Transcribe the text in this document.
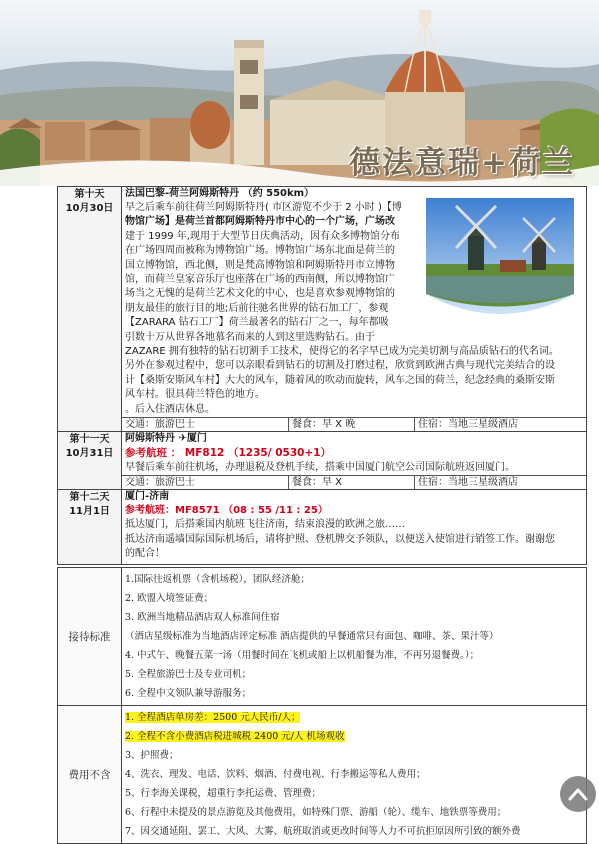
德法意瑞+荷兰
第十天
10月30日
法国巴黎-荷兰阿姆斯特丹 （约 550km）

早之后乘车前往荷兰阿姆斯特丹( 市区游览不少于 2 小时 )【博

物馆广场】是荷兰首都阿姆斯特丹市中心的一个广场，广场改

建于 1999 年,现用于大型节日庆典活动，因有众多博物馆分布

在广场四周而被称为博物馆广场。博物馆广场东北面是荷兰的

国立博物馆，西北侧，则是梵高博物馆和阿姆斯特丹市立博物

馆，而荷兰皇家音乐厅也座落在广场的西南侧，所以博物馆广

场当之无愧的是荷兰艺术文化的中心，也是喜欢参观博物馆的

朋友最佳的旅行目的地;后前往驰名世界的钻石加工厂，参观

【ZARARA 钻石工厂】荷兰最著名的钻石厂之一，每年都吸

引数十万从世界各地慕名而来的人到这里选购钻石。由于

ZAZARE 拥有独特的钻石切割手工技术，使得它的名字早已成为完美切割与高品质钻石的代名词。

另外在参观过程中，您可以亲眼看到钻石的切割及打磨过程，欣赏到欧洲古典与现代完美结合的设

计【桑斯安斯风车村】大大的风车，随着风的吹动而旋转，风车之国的荷兰，纪念经典的桑斯安斯

风车村。很具荷兰特色的地方。

。后入住酒店休息。

交通：旅游巴士	餐食：早 X 晚	住宿：当地三星级酒店
第十一天
10月31日
阿姆斯特丹 ✈厦门

参考航班 ： MF812 （1235/ 0530+1）

早餐后乘车前往机场，办理退税及登机手续，搭乘中国厦门航空公司国际航班返回厦门。

交通：旅游巴士	餐食：早 X	住宿：当地三星级酒店
第十二天
11月1日
厦门-济南

参考航班：MF8571 （08 : 55 /11 : 25）

抵达厦门，后搭乘国内航班飞往济南，结束浪漫的欧洲之旅……

抵达济南遥墙国际国际机场后，请将护照、登机牌交予领队，以便送入使馆进行销签工作。谢谢您

的配合！

接待标准
1.国际往返机票（含机场税），团队经济舱；
2. 欧盟入境签证费；
3. 欧洲当地精品酒店双人标准间住宿
（酒店星级标准为当地酒店评定标准 酒店提供的早餐通常只有面包、咖啡、茶、果汁等）
4. 中式午、晚餐五菜一汤（用餐时间在飞机或船上以机船餐为准，不再另退餐费。）；
5. 全程旅游巴士及专业司机；
6. 全程中文领队兼导游服务；
费用不含
1. 全程酒店单房差：2500 元人民币/人；
2. 全程不含小费酒店税进城税 2400 元/人 机场观收
3、护照费；
4、洗衣、理发、电话、饮料、烟酒、付费电视、行李搬运等私人费用；
5、行李海关课税，超重行李托运费、管理费；
6、行程中未提及的景点游览及其他费用，如特殊门票、游船（轮）、缆车、地铁票等费用；
7、因交通延阻、罢工、大风、大雾、航班取消或更改时间等人力不可抗拒原因所引致的额外费
